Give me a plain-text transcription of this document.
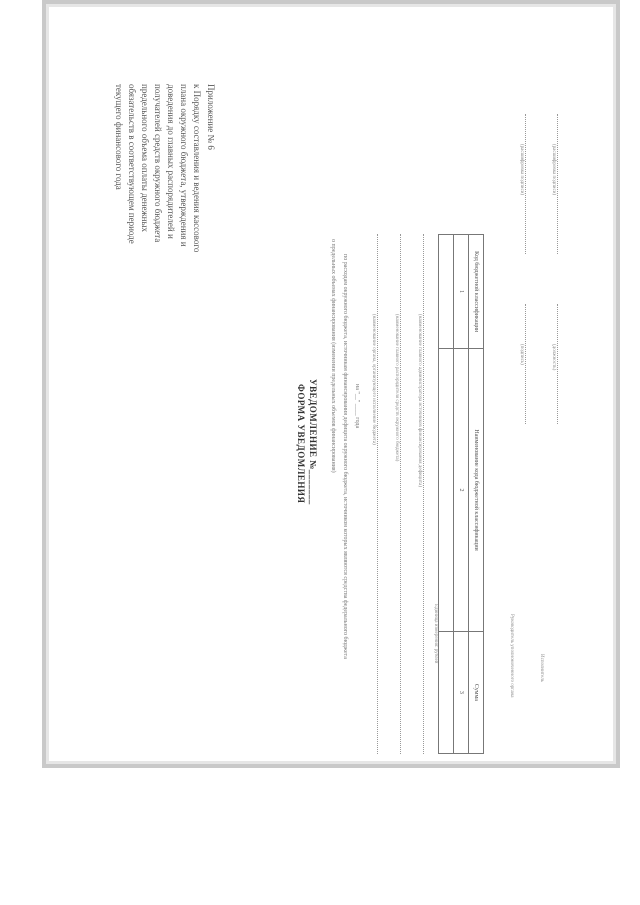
Приложение № 6
к Порядку составления и ведения кассового плана окружного бюджета, утверждения и доведения до главных распорядителей и получателей средств окружного бюджета предельного объема оплаты денежных обязательств в соответствующем периоде текущего финансового года
ФОРМА УВЕДОМЛЕНИЯ УВЕДОМЛЕНИЕ №_______ о предельных объемах финансирования (изменении предельных объемов финансирования) по расходам окружного бюджета, источникам финансирования дефицита окружного бюджета, источником которых являются средства федерального бюджета на "__" ____ года (наименование органа, организующего исполнение бюджета)	(наименование главного распорядителя средств окружного бюджета)	(наименование главного администратора источников финансирования дефицита)
Единица измерения: рублей
Код бюджетной классификации	Наименование кода бюджетной классификации	Сумма
1	2	3
			Руководитель уполномоченного органа
(подпись)
(расшифровка подписи)
Исполнитель
(должность)
(расшифровка подписи)
